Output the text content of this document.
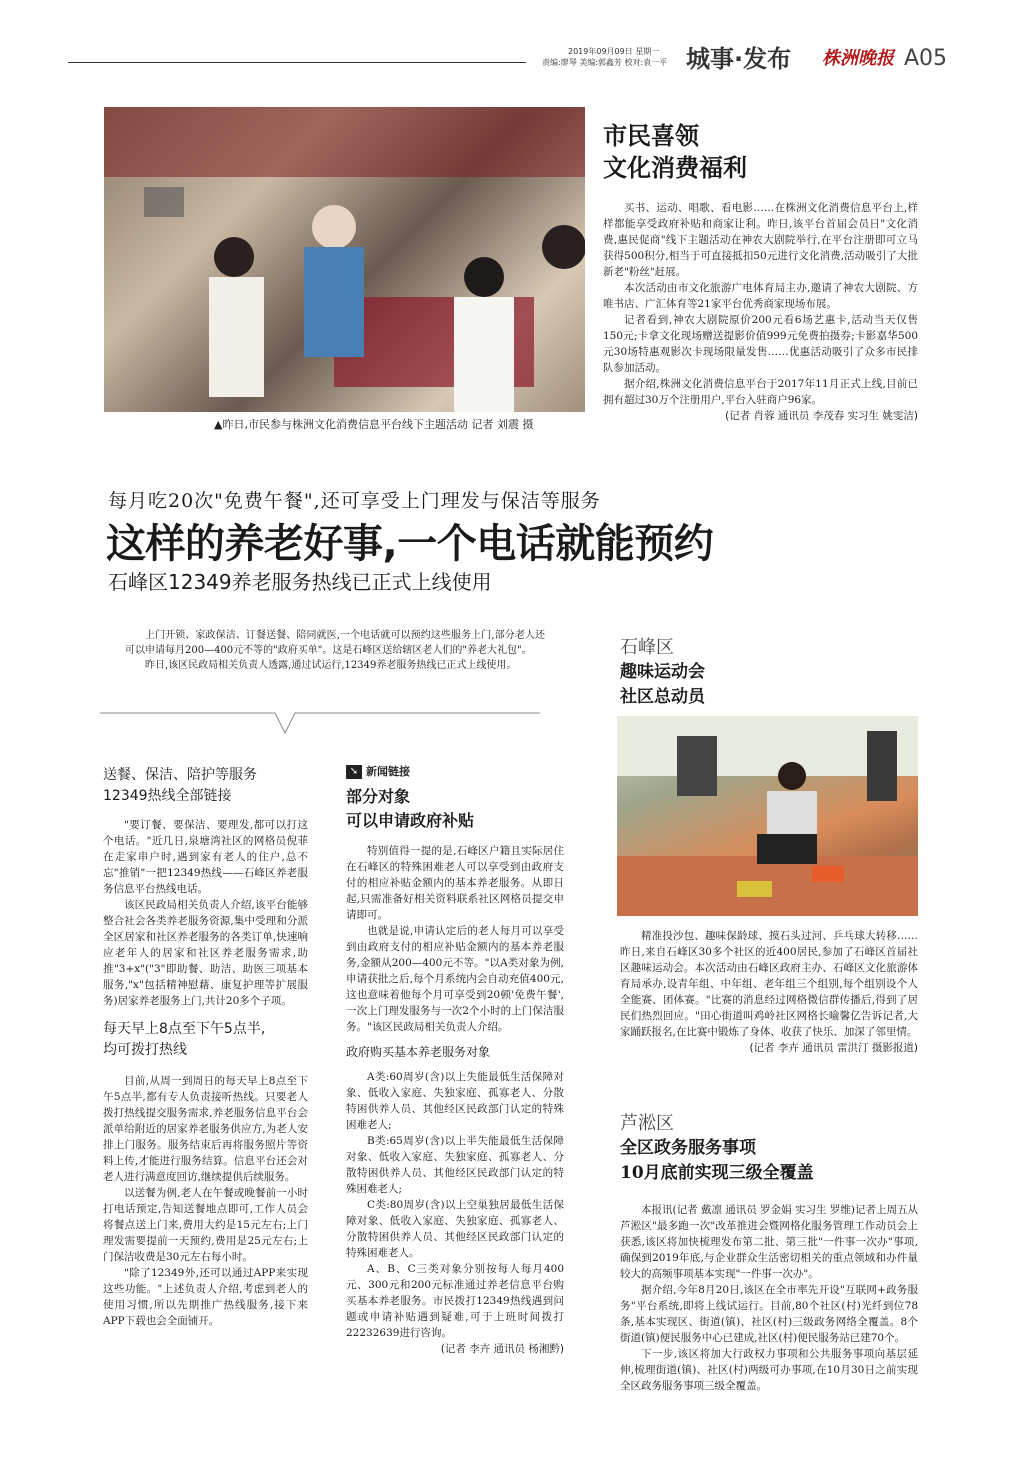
2019年09月09日 星期一
责编:廖琴 美编:郭鑫芳 校对:袁一平 城事·发布 株洲晚报 A05
▲昨日,市民参与株洲文化消费信息平台线下主题活动 记者 刘震 摄
市民喜领
文化消费福利

买书、运动、唱歌、看电影……在株洲文化消费信息平台上,样样都能享受政府补贴和商家让利。昨日,该平台首届会员日"文化消费,惠民促商"线下主题活动在神农大剧院举行,在平台注册即可立马获得500积分,相当于可直接抵扣50元进行文化消费,活动吸引了大批新老"粉丝"赶展。

本次活动由市文化旅游广电体育局主办,邀请了神农大剧院、方唯书店、广汇体育等21家平台优秀商家现场布展。

记者看到,神农大剧院原价200元看6场艺惠卡,活动当天仅售150元;卡拿文化现场赠送提影价值999元免费拍摄券;卡影嘉华500元30场特惠观影次卡现场限量发售……优惠活动吸引了众多市民排队参加活动。

据介绍,株洲文化消费信息平台于2017年11月正式上线,目前已拥有超过30万个注册用户,平台入驻商户96家。

(记者 肖蓉 通讯员 李茂春 实习生 姚雯洁)

每月吃20次"免费午餐",还可享受上门理发与保洁等服务
这样的养老好事,一个电话就能预约
石峰区12349养老服务热线已正式上线使用

上门开锁、家政保洁、订餐送餐、陪同就医,一个电话就可以预约这些服务上门,部分老人还可以申请每月200—400元不等的"政府买单"。这是石峰区送给辖区老人们的"养老大礼包"。

昨日,该区民政局相关负责人透露,通过试运行,12349养老服务热线已正式上线使用。

送餐、保洁、陪护等服务
12349热线全部链接

"要订餐、要保洁、要理发,都可以打这个电话。"近几日,泉塘湾社区的网格员倪菲在走家串户时,遇到家有老人的住户,总不忘"推销"一把12349热线——石峰区养老服务信息平台热线电话。

该区民政局相关负责人介绍,该平台能够整合社会各类养老服务资源,集中受理和分派全区居家和社区养老服务的各类订单,快速响应老年人的居家和社区养老服务需求,助推"3+x"("3"即助餐、助洁、助医三项基本服务,"x"包括精神慰藉、康复护理等扩展服务)居家养老服务上门,共计20多个子项。

每天早上8点至下午5点半,
均可拨打热线

目前,从周一到周日的每天早上8点至下午5点半,都有专人负责接听热线。只要老人拨打热线提交服务需求,养老服务信息平台会派单给附近的居家养老服务供应方,为老人安排上门服务。服务结束后再将服务照片等资料上传,才能进行服务结算。信息平台还会对老人进行满意度回访,继续提供后续服务。

以送餐为例,老人在午餐或晚餐前一小时打电话预定,告知送餐地点即可,工作人员会将餐点送上门来,费用大约是15元左右;上门理发需要提前一天预约,费用是25元左右;上门保洁收费是30元左右每小时。

"除了12349外,还可以通过APP来实现这些功能。"上述负责人介绍,考虑到老人的使用习惯,所以先期推广热线服务,接下来APP下载也会全面铺开。

➘ 新闻链接
部分对象
可以申请政府补贴

特别值得一提的是,石峰区户籍且实际居住在石峰区的特殊困难老人可以享受到由政府支付的相应补贴金额内的基本养老服务。从即日起,只需准备好相关资料联系社区网格员提交申请即可。

也就是说,申请认定后的老人每月可以享受到由政府支付的相应补贴金额内的基本养老服务,金额从200—400元不等。"以A类对象为例,申请获批之后,每个月系统内会自动充值400元,这也意味着他每个月可享受到20顿'免费午餐',一次上门理发服务与一次2个小时的上门保洁服务。"该区民政局相关负责人介绍。

政府购买基本养老服务对象

A类:60周岁(含)以上失能最低生活保障对象、低收入家庭、失独家庭、孤寡老人、分散特困供养人员、其他经区民政部门认定的特殊困难老人;

B类:65周岁(含)以上半失能最低生活保障对象、低收入家庭、失独家庭、孤寡老人、分散特困供养人员、其他经区民政部门认定的特殊困难老人;

C类:80周岁(含)以上空巢独居最低生活保障对象、低收入家庭、失独家庭、孤寡老人、分散特困供养人员、其他经区民政部门认定的特殊困难老人。

A、B、C三类对象分别按每人每月400元、300元和200元标准通过养老信息平台购买基本养老服务。市民拨打12349热线遇到问题或申请补贴遇到疑难,可于上班时间拨打22232639进行咨询。

(记者 李卉 通讯员 杨湘黔)

石峰区
趣味运动会
社区总动员

精准投沙包、趣味保龄球、摸石头过河、乒乓球大转移……昨日,来自石峰区30多个社区的近400居民,参加了石峰区首届社区趣味运动会。本次活动由石峰区政府主办、石峰区文化旅游体育局承办,设青年组、中年组、老年组三个组别,每个组别设个人全能赛、团体赛。"比赛的消息经过网格微信群传播后,得到了居民们热烈回应。"田心街道叫鸡岭社区网格长喻馨亿告诉记者,大家踊跃报名,在比赛中锻炼了身体、收获了快乐、加深了邻里情。

(记者 李卉 通讯员 雷洪汀 摄影报道)

芦淞区
全区政务服务事项
10月底前实现三级全覆盖

本报讯(记者 戴凛 通讯员 罗金娟 实习生 罗维)记者上周五从芦淞区"最多跑一次"改革推进会暨网格化服务管理工作动员会上获悉,该区将加快梳理发布第二批、第三批"一件事一次办"事项,确保到2019年底,与企业群众生活密切相关的重点领域和办件量较大的高频事项基本实现"一件事一次办"。

据介绍,今年8月20日,该区在全市率先开设"互联网+政务服务"平台系统,即将上线试运行。目前,80个社区(村)光纤到位78条,基本实现区、街道(镇)、社区(村)三级政务网络全覆盖。8个街道(镇)便民服务中心已建成,社区(村)便民服务站已建70个。

下一步,该区将加大行政权力事项和公共服务事项向基层延伸,梳理街道(镇)、社区(村)两级可办事项,在10月30日之前实现全区政务服务事项三级全覆盖。
